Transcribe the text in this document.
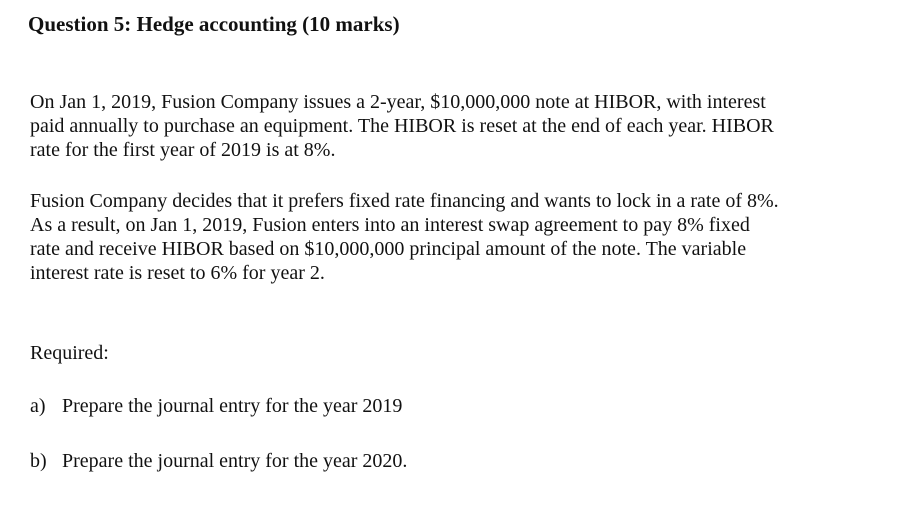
Question 5: Hedge accounting (10 marks)

On Jan 1, 2019, Fusion Company issues a 2-year, $10,000,000 note at HIBOR, with interest
paid annually to purchase an equipment. The HIBOR is reset at the end of each year. HIBOR
rate for the first year of 2019 is at 8%.

Fusion Company decides that it prefers fixed rate financing and wants to lock in a rate of 8%.
As a result, on Jan 1, 2019, Fusion enters into an interest swap agreement to pay 8% fixed
rate and receive HIBOR based on $10,000,000 principal amount of the note. The variable
interest rate is reset to 6% for year 2.

Required:

a) Prepare the journal entry for the year 2019

b) Prepare the journal entry for the year 2020.
